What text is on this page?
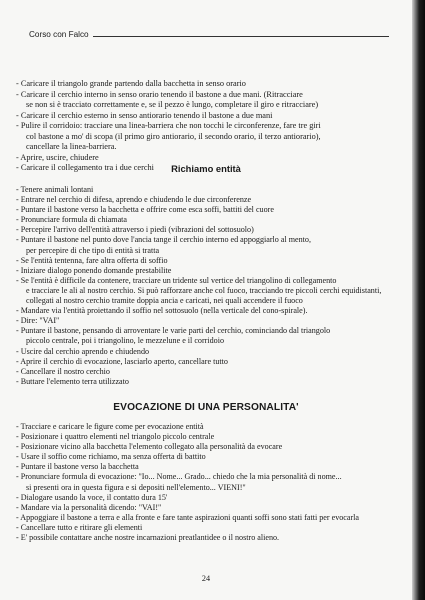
Corso con Falco
- Caricare il triangolo grande partendo dalla bacchetta in senso orario
- Caricare il cerchio interno in senso orario tenendo il bastone a due mani. (Ritracciare
se non si è tracciato correttamente e, se il pezzo è lungo, completare il giro e ritracciare)
- Caricare il cerchio esterno in senso antiorario tenendo il bastone a due mani
- Pulire il corridoio: tracciare una linea-barriera che non tocchi le circonferenze, fare tre giri
col bastone a mo' di scopa (il primo giro antiorario, il secondo orario, il terzo antiorario),
cancellare la linea-barriera.
- Aprire, uscire, chiudere
- Caricare il collegamento tra i due cerchi	Richiamo entità
- Tenere animali lontani
- Entrare nel cerchio di difesa, aprendo e chiudendo le due circonferenze
- Puntare il bastone verso la bacchetta e offrire come esca soffi, battiti del cuore
- Pronunciare formula di chiamata
- Percepire l'arrivo dell'entità attraverso i piedi (vibrazioni del sottosuolo)
- Puntare il bastone nel punto dove l'ancia tange il cerchio interno ed appoggiarlo al mento,
per percepire di che tipo di entità si tratta
- Se l'entità tentenna, fare altra offerta di soffio
- Iniziare dialogo ponendo domande prestabilite
- Se l'entità è difficile da contenere, tracciare un tridente sul vertice del triangolino di collegamento
e tracciare le ali al nostro cerchio. Si può rafforzare anche col fuoco, tracciando tre piccoli cerchi equidistanti,
collegati al nostro cerchio tramite doppia ancia e caricati, nei quali accendere il fuoco
- Mandare via l'entità proiettando il soffio nel sottosuolo (nella verticale del cono-spirale).
- Dire: "VAI"
- Puntare il bastone, pensando di arroventare le varie parti del cerchio, cominciando dal triangolo
piccolo centrale, poi i triangolino, le mezzelune e il corridoio
- Uscire dal cerchio aprendo e chiudendo
- Aprire il cerchio di evocazione, lasciarlo aperto, cancellare tutto
- Cancellare il nostro cerchio
- Buttare l'elemento terra utilizzato
EVOCAZIONE DI UNA PERSONALITA'
- Tracciare e caricare le figure come per evocazione entità
- Posizionare i quattro elementi nel triangolo piccolo centrale
- Posizionare vicino alla bacchetta l'elemento collegato alla personalità da evocare
- Usare il soffio come richiamo, ma senza offerta di battito
- Puntare il bastone verso la bacchetta
- Pronunciare formula di evocazione: "Io... Nome... Grado... chiedo che la mia personalità di nome...
si presenti ora in questa figura e si depositi nell'elemento... VIENI!"
- Dialogare usando la voce, il contatto dura 15'
- Mandare via la personalità dicendo: "VAI!"
- Appoggiare il bastone a terra e alla fronte e fare tante aspirazioni quanti soffi sono stati fatti per evocarla
- Cancellare tutto e ritirare gli elementi
- E' possibile contattare anche nostre incarnazioni preatlantidee o il nostro alieno.
24
